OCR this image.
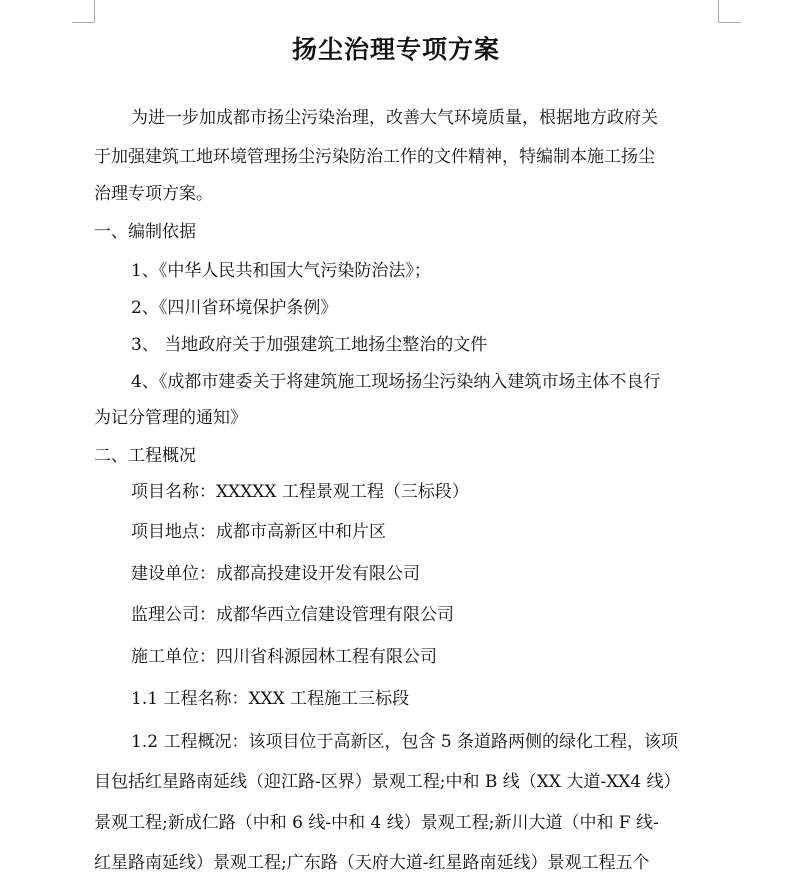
扬尘治理专项方案
为进一步加成都市扬尘污染治理，改善大气环境质量，根据地方政府关
于加强建筑工地环境管理扬尘污染防治工作的文件精神，特编制本施工扬尘
治理专项方案。
一、编制依据
1、《中华人民共和国大气污染防治法》；
2、《四川省环境保护条例》
3、 当地政府关于加强建筑工地扬尘整治的文件
4、《成都市建委关于将建筑施工现场扬尘污染纳入建筑市场主体不良行
为记分管理的通知》
二、工程概况
项目名称：XXXXX 工程景观工程（三标段）
项目地点：成都市高新区中和片区
建设单位：成都高投建设开发有限公司
监理公司：成都华西立信建设管理有限公司
施工单位：四川省科源园林工程有限公司
1.1 工程名称：XXX 工程施工三标段
1.2 工程概况：该项目位于高新区，包含 5 条道路两侧的绿化工程，该项
目包括红星路南延线（迎江路-区界）景观工程;中和 B 线（XX 大道-XX4 线）
景观工程;新成仁路（中和 6 线-中和 4 线）景观工程;新川大道（中和 F 线-
红星路南延线）景观工程;广东路（天府大道-红星路南延线）景观工程五个
